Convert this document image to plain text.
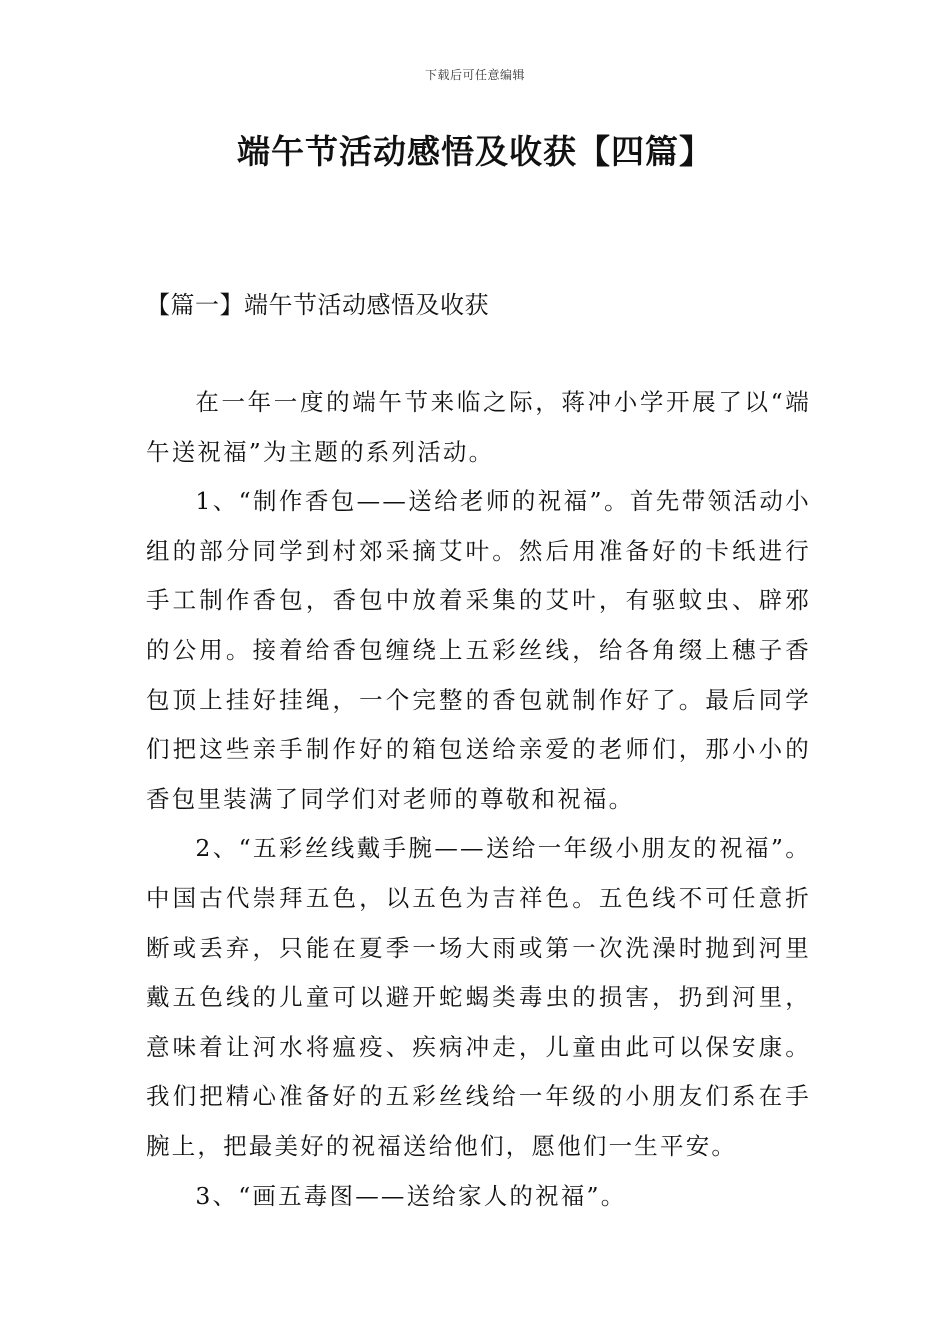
下载后可任意编辑
端午节活动感悟及收获【四篇】
【篇一】端午节活动感悟及收获

在一年一度的端午节来临之际，蒋冲小学开展了以“端午送祝福”为主题的系列活动。

1、“制作香包——送给老师的祝福”。首先带领活动小组的部分同学到村郊采摘艾叶。然后用准备好的卡纸进行手工制作香包，香包中放着采集的艾叶，有驱蚊虫、辟邪的公用。接着给香包缠绕上五彩丝线，给各角缀上穗子香包顶上挂好挂绳，一个完整的香包就制作好了。最后同学们把这些亲手制作好的箱包送给亲爱的老师们，那小小的香包里装满了同学们对老师的尊敬和祝福。

2、“五彩丝线戴手腕——送给一年级小朋友的祝福”。中国古代崇拜五色，以五色为吉祥色。五色线不可任意折断或丢弃，只能在夏季一场大雨或第一次洗澡时抛到河里戴五色线的儿童可以避开蛇蝎类毒虫的损害，扔到河里，意味着让河水将瘟疫、疾病冲走，儿童由此可以保安康。我们把精心准备好的五彩丝线给一年级的小朋友们系在手腕上，把最美好的祝福送给他们，愿他们一生平安。

3、“画五毒图——送给家人的祝福”。
